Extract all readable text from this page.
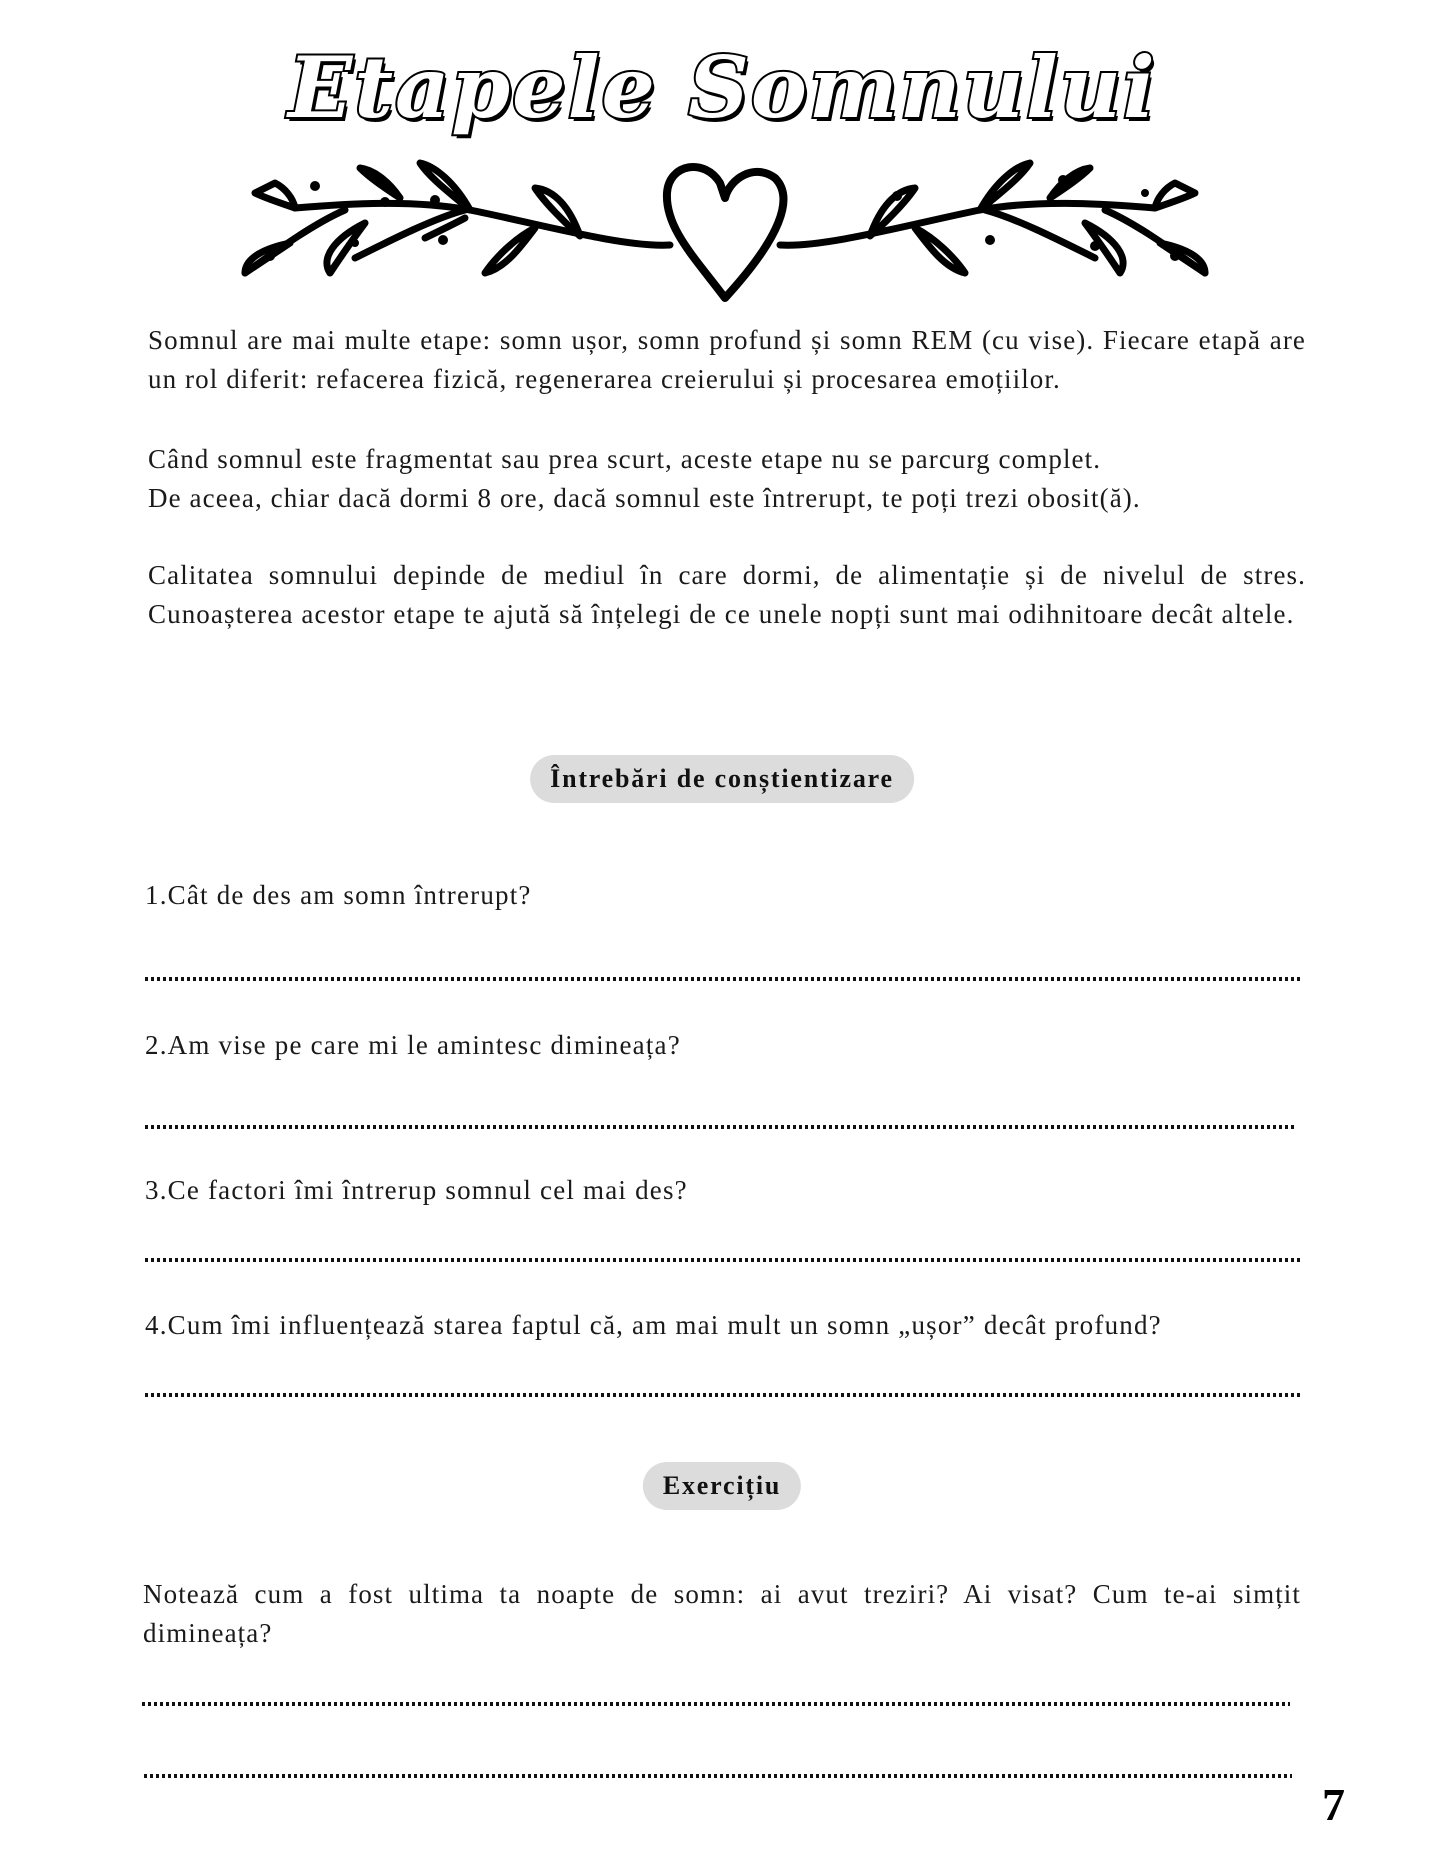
Etapele Somnului

Somnul are mai multe etape: somn ușor, somn profund și somn REM (cu vise). Fiecare etapă are un rol diferit: refacerea fizică, regenerarea creierului și procesarea emoțiilor.

Când somnul este fragmentat sau prea scurt, aceste etape nu se parcurg complet.
De aceea, chiar dacă dormi 8 ore, dacă somnul este întrerupt, te poți trezi obosit(ă).

Calitatea somnului depinde de mediul în care dormi, de alimentație și de nivelul de stres. Cunoașterea acestor etape te ajută să înțelegi de ce unele nopți sunt mai odihnitoare decât altele.

Întrebări de conștientizare
1.Cât de des am somn întrerupt?
2.Am vise pe care mi le amintesc dimineața?
3.Ce factori îmi întrerup somnul cel mai des?
4.Cum îmi influențează starea faptul că, am mai mult un somn „ușor” decât profund?
Exercițiu

Notează cum a fost ultima ta noapte de somn: ai avut treziri? Ai visat? Cum te-ai simțit dimineața?

7
